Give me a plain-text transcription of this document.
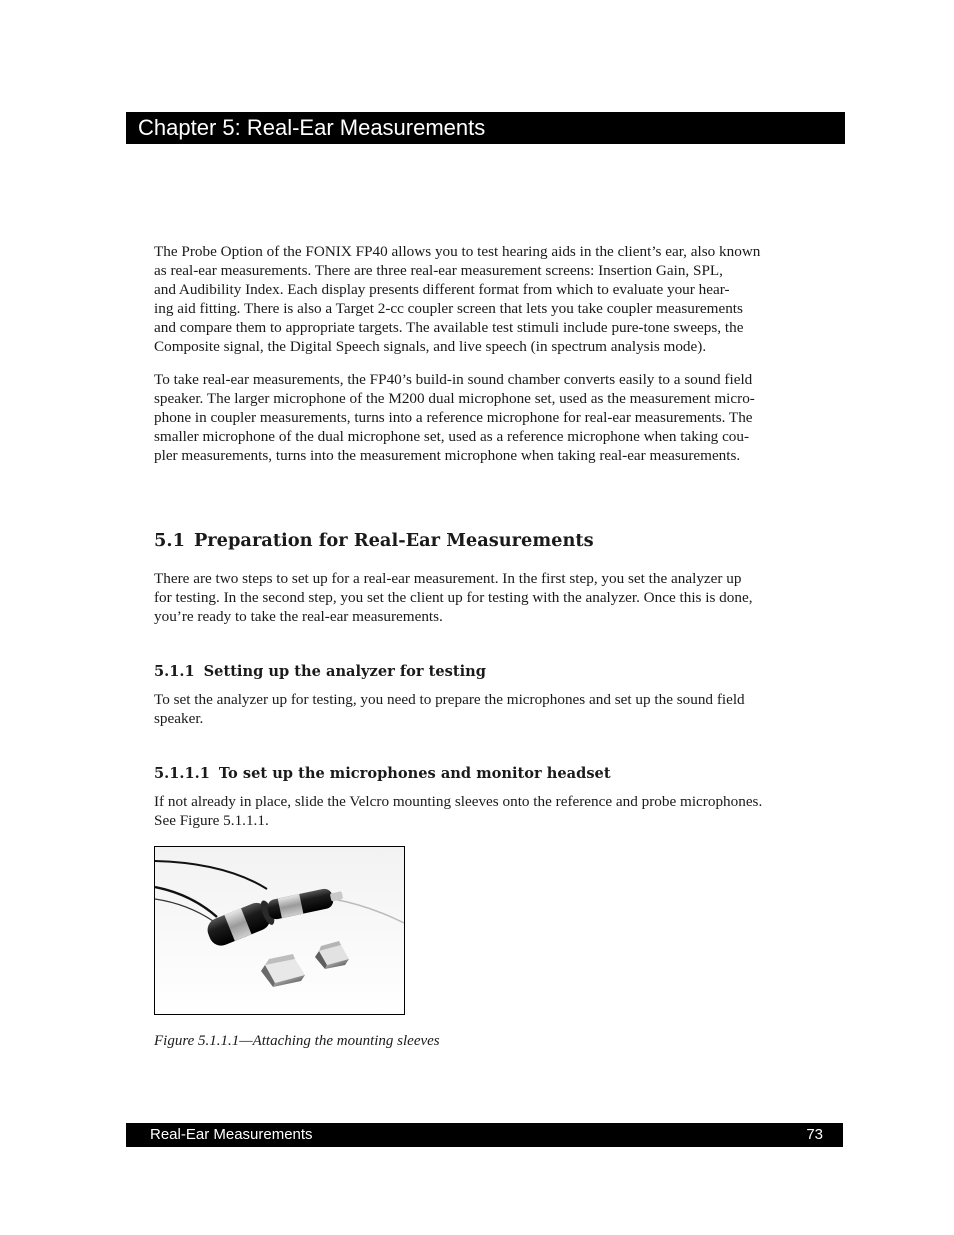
Chapter 5: Real-Ear Measurements

The Probe Option of the FONIX FP40 allows you to test hearing aids in the client’s ear, also known
as real-ear measurements. There are three real-ear measurement screens: Insertion Gain, SPL,
and Audibility Index. Each display presents different format from which to evaluate your hear-
ing aid fitting. There is also a Target 2-cc coupler screen that lets you take coupler measurements
and compare them to appropriate targets. The available test stimuli include pure-tone sweeps, the
Composite signal, the Digital Speech signals, and live speech (in spectrum analysis mode).

To take real-ear measurements, the FP40’s build-in sound chamber converts easily to a sound field
speaker. The larger microphone of the M200 dual microphone set, used as the measurement micro-
phone in coupler measurements, turns into a reference microphone for real-ear measurements. The
smaller microphone of the dual microphone set, used as a reference microphone when taking cou-
pler measurements, turns into the measurement microphone when taking real-ear measurements.

5.1 Preparation for Real-Ear Measurements

There are two steps to set up for a real-ear measurement. In the first step, you set the analyzer up
for testing. In the second step, you set the client up for testing with the analyzer. Once this is done,
you’re ready to take the real-ear measurements.

5.1.1 Setting up the analyzer for testing

To set the analyzer up for testing, you need to prepare the microphones and set up the sound field
speaker.

5.1.1.1 To set up the microphones and monitor headset

If not already in place, slide the Velcro mounting sleeves onto the reference and probe microphones.
See Figure 5.1.1.1.

Figure 5.1.1.1—Attaching the mounting sleeves

Real-Ear Measurements	73
